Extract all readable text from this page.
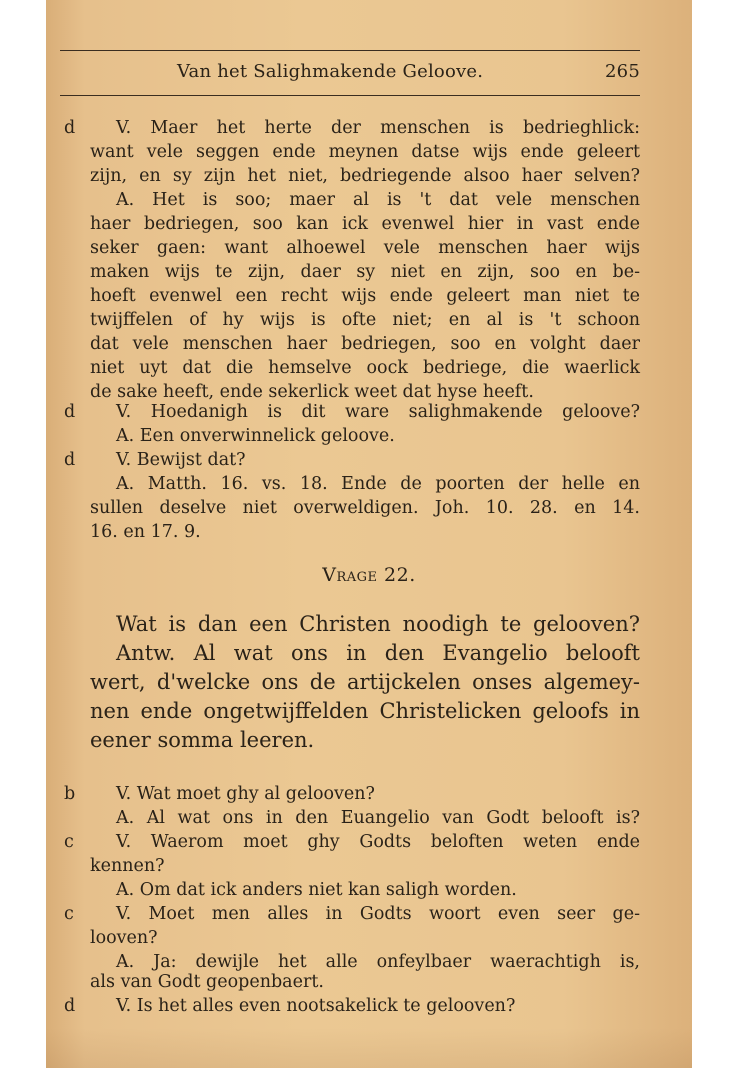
Van het Salighmakende Geloove.	265
d
d
d
b
c
c
d
V. Maer het herte der menschen is bedrieghlick:
want vele seggen ende meynen datse wijs ende geleert
zijn, en sy zijn het niet, bedriegende alsoo haer selven?
A. Het is soo; maer al is 't dat vele menschen
haer bedriegen, soo kan ick evenwel hier in vast ende
seker gaen: want alhoewel vele menschen haer wijs
maken wijs te zijn, daer sy niet en zijn, soo en be-
hoeft evenwel een recht wijs ende geleert man niet te
twijffelen of hy wijs is ofte niet; en al is 't schoon
dat vele menschen haer bedriegen, soo en volght daer
niet uyt dat die hemselve oock bedriege, die waerlick
de sake heeft, ende sekerlick weet dat hyse heeft.
V. Hoedanigh is dit ware salighmakende geloove?
A. Een onverwinnelick geloove.
V. Bewijst dat?
A. Matth. 16. vs. 18. Ende de poorten der helle en
sullen deselve niet overweldigen. Joh. 10. 28. en 14.
16. en 17. 9.
Vrage 22.
Wat is dan een Christen noodigh te gelooven?
Antw. Al wat ons in den Evangelio belooft
wert, d'welcke ons de artijckelen onses algemey-
nen ende ongetwijffelden Christelicken geloofs in
eener somma leeren.
V. Wat moet ghy al gelooven?
A. Al wat ons in den Euangelio van Godt belooft is?
V. Waerom moet ghy Godts beloften weten ende
kennen?
A. Om dat ick anders niet kan saligh worden.
V. Moet men alles in Godts woort even seer ge-
looven?
A. Ja: dewijle het alle onfeylbaer waerachtigh is,
als van Godt geopenbaert.
V. Is het alles even nootsakelick te gelooven?
